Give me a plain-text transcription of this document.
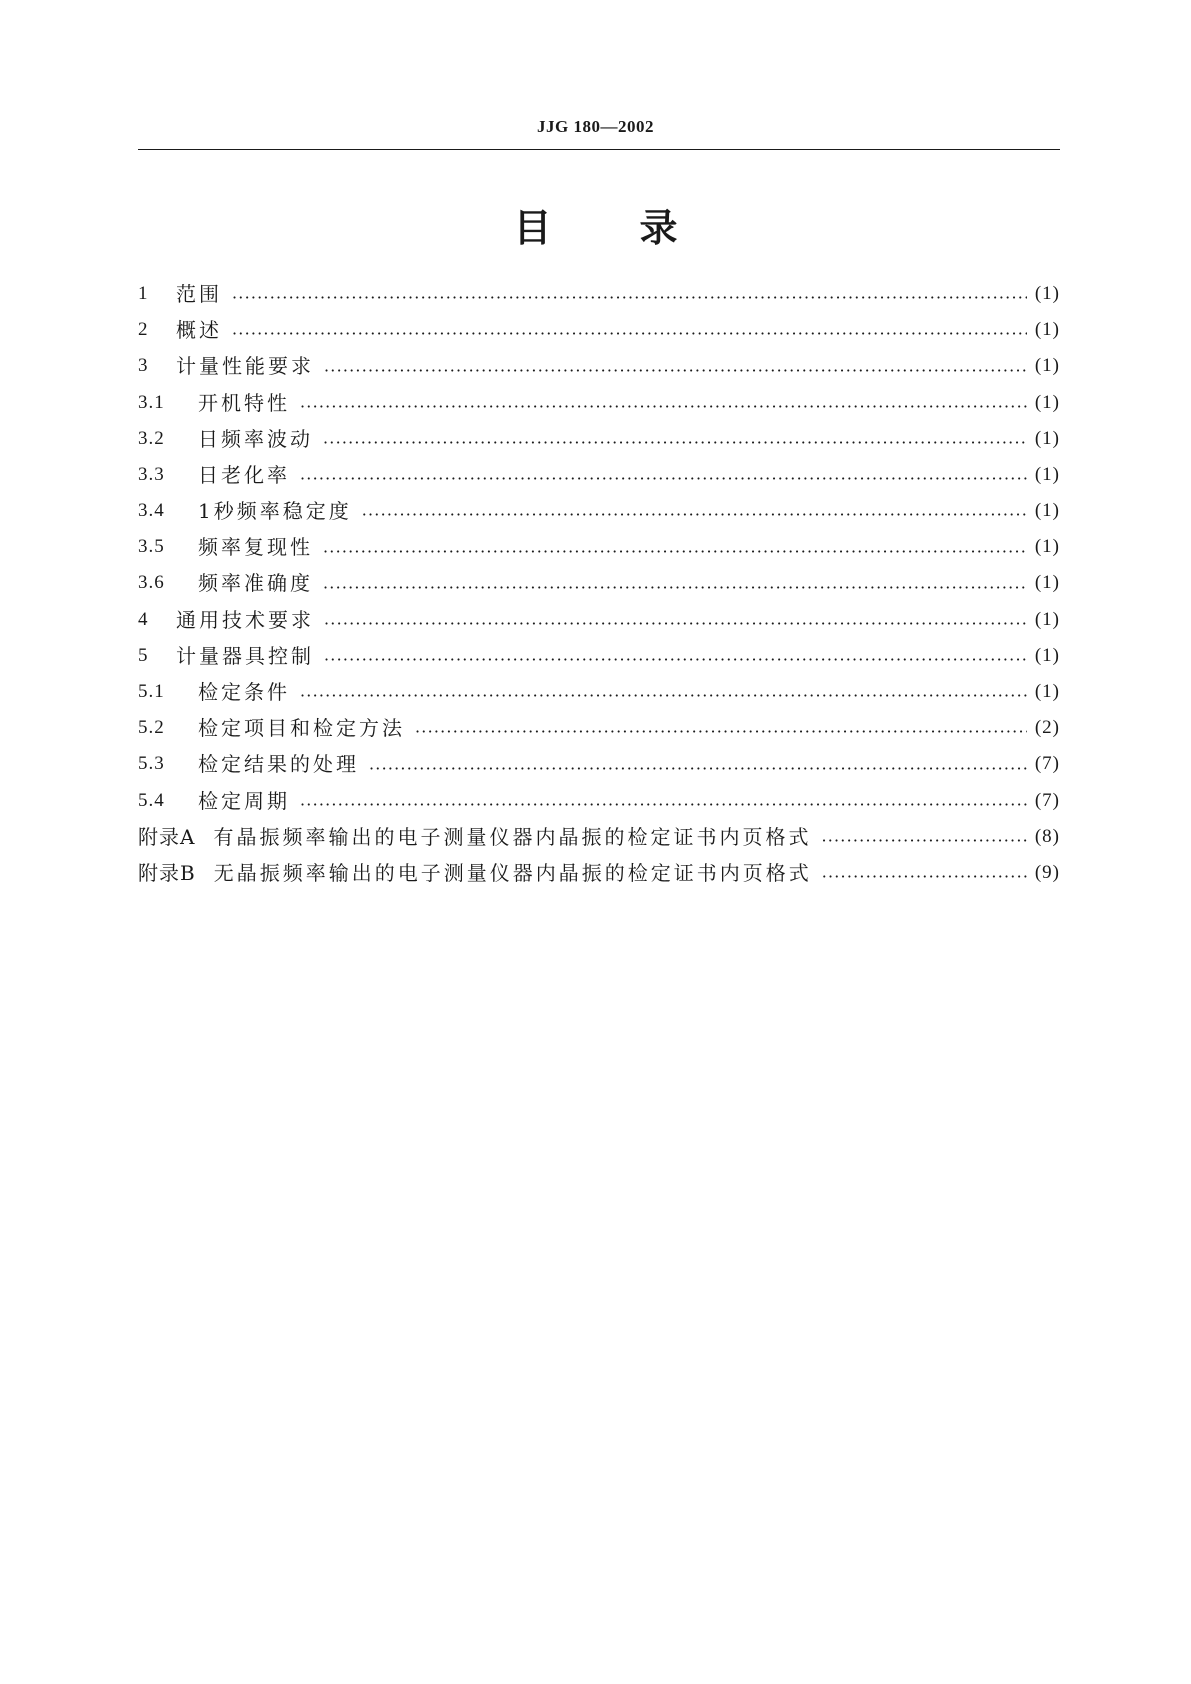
JJG 180—2002
目 录
1	范围 ·····	(1)
2	概述 ·····	(1)
3	计量性能要求 ·····	(1)
3.1	开机特性 ·····	(1)
3.2	日频率波动 ·····	(1)
3.3	日老化率 ·····	(1)
3.4	1秒频率稳定度 ·····	(1)
3.5	频率复现性 ·····	(1)
3.6	频率准确度 ·····	(1)
4	通用技术要求 ·····	(1)
5	计量器具控制 ·····	(1)
5.1	检定条件 ·····	(1)
5.2	检定项目和检定方法 ·····	(2)
5.3	检定结果的处理 ·····	(7)
5.4	检定周期 ·····	(7)
附录A 有晶振频率输出的电子测量仪器内晶振的检定证书内页格式 ·····	(8)
附录B 无晶振频率输出的电子测量仪器内晶振的检定证书内页格式 ·····	(9)
